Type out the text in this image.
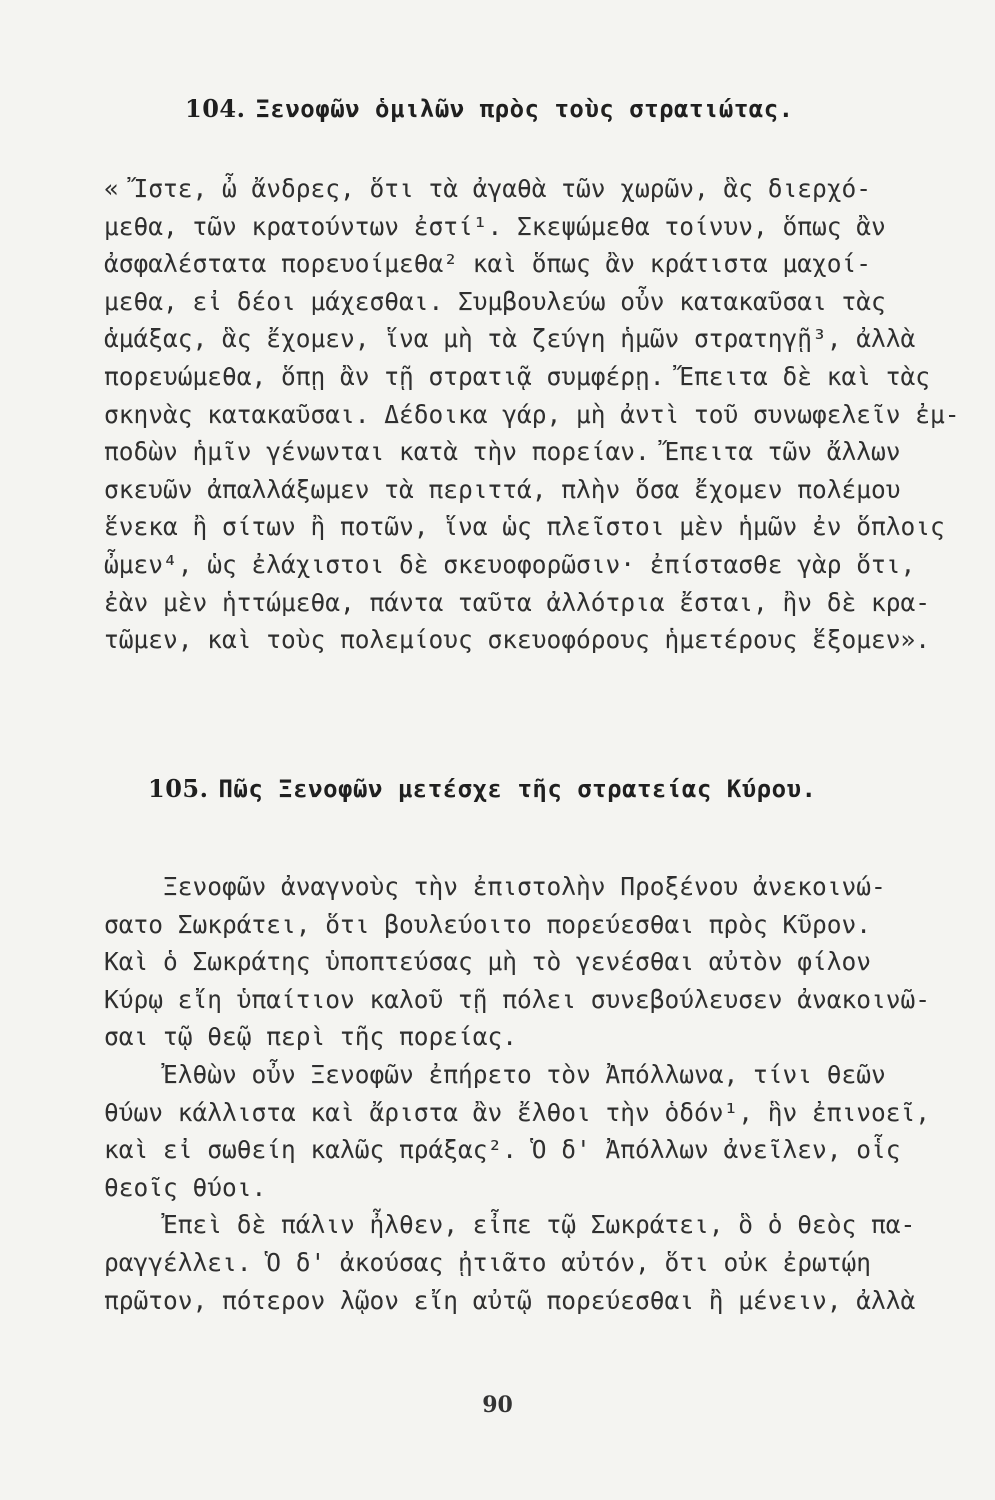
104. Ξενοφῶν ὁμιλῶν πρὸς τοὺς στρατιώτας.
« Ἴστε, ὦ ἄνδρες, ὅτι τὰ ἀγαθὰ τῶν χωρῶν, ἃς διερχό-
μεθα, τῶν κρατούντων ἐστί¹. Σκεψώμεθα τοίνυν, ὅπως ἂν
ἀσφαλέστατα πορευοίμεθα² καὶ ὅπως ἂν κράτιστα μαχοί-
μεθα, εἰ δέοι μάχεσθαι. Συμβουλεύω οὖν κατακαῦσαι τὰς
ἁμάξας, ἃς ἔχομεν, ἵνα μὴ τὰ ζεύγη ἡμῶν στρατηγῇ³, ἀλλὰ
πορευώμεθα, ὅπῃ ἂν τῇ στρατιᾷ συμφέρῃ. Ἔπειτα δὲ καὶ τὰς
σκηνὰς κατακαῦσαι. Δέδοικα γάρ, μὴ ἀντὶ τοῦ συνωφελεῖν ἐμ-
ποδὼν ἡμῖν γένωνται κατὰ τὴν πορείαν. Ἔπειτα τῶν ἄλλων
σκευῶν ἀπαλλάξωμεν τὰ περιττά, πλὴν ὅσα ἔχομεν πολέμου
ἕνεκα ἢ σίτων ἢ ποτῶν, ἵνα ὡς πλεῖστοι μὲν ἡμῶν ἐν ὅπλοις
ὦμεν⁴, ὡς ἐλάχιστοι δὲ σκευοφορῶσιν· ἐπίστασθε γὰρ ὅτι,
ἐὰν μὲν ἡττώμεθα, πάντα ταῦτα ἀλλότρια ἔσται, ἢν δὲ κρα-
τῶμεν, καὶ τοὺς πολεμίους σκευοφόρους ἡμετέρους ἕξομεν».
105. Πῶς Ξενοφῶν μετέσχε τῆς στρατείας Κύρου.
Ξενοφῶν ἀναγνοὺς τὴν ἐπιστολὴν Προξένου ἀνεκοινώ-
σατο Σωκράτει, ὅτι βουλεύοιτο πορεύεσθαι πρὸς Κῦρον.
Καὶ ὁ Σωκράτης ὑποπτεύσας μὴ τὸ γενέσθαι αὐτὸν φίλον
Κύρῳ εἴη ὑπαίτιον καλοῦ τῇ πόλει συνεβούλευσεν ἀνακοινῶ-
σαι τῷ θεῷ περὶ τῆς πορείας.
Ἐλθὼν οὖν Ξενοφῶν ἐπήρετο τὸν Ἀπόλλωνα, τίνι θεῶν
θύων κάλλιστα καὶ ἄριστα ἂν ἔλθοι τὴν ὁδόν¹, ἣν ἐπινοεῖ,
καὶ εἰ σωθείη καλῶς πράξας². Ὁ δ' Ἀπόλλων ἀνεῖλεν, οἷς
θεοῖς θύοι.
Ἐπεὶ δὲ πάλιν ἦλθεν, εἶπε τῷ Σωκράτει, ὃ ὁ θεὸς πα-
ραγγέλλει. Ὁ δ' ἀκούσας ᾐτιᾶτο αὐτόν, ὅτι οὐκ ἐρωτῴη
πρῶτον, πότερον λῷον εἴη αὐτῷ πορεύεσθαι ἢ μένειν, ἀλλὰ
90
